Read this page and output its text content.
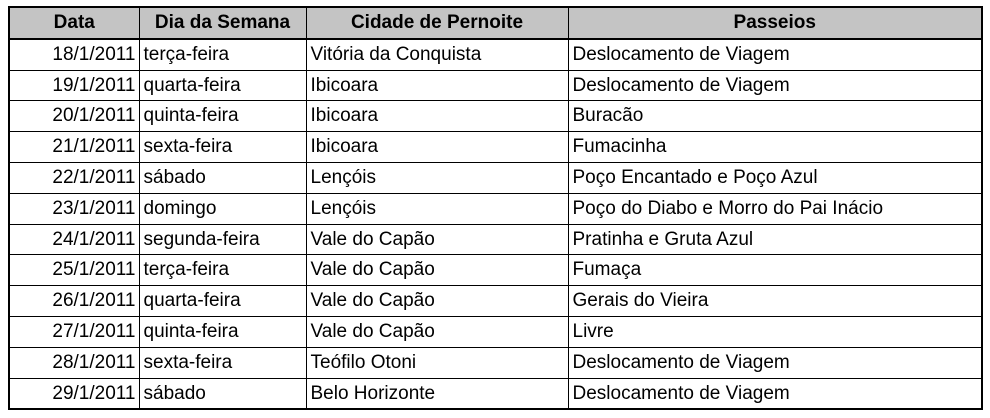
Data	Dia da Semana	Cidade de Pernoite	Passeios
18/1/2011	terça-feira	Vitória da Conquista	Deslocamento de Viagem
19/1/2011	quarta-feira	Ibicoara	Deslocamento de Viagem
20/1/2011	quinta-feira	Ibicoara	Buracão
21/1/2011	sexta-feira	Ibicoara	Fumacinha
22/1/2011	sábado	Lençóis	Poço Encantado e Poço Azul
23/1/2011	domingo	Lençóis	Poço do Diabo e Morro do Pai Inácio
24/1/2011	segunda-feira	Vale do Capão	Pratinha e Gruta Azul
25/1/2011	terça-feira	Vale do Capão	Fumaça
26/1/2011	quarta-feira	Vale do Capão	Gerais do Vieira
27/1/2011	quinta-feira	Vale do Capão	Livre
28/1/2011	sexta-feira	Teófilo Otoni	Deslocamento de Viagem
29/1/2011	sábado	Belo Horizonte	Deslocamento de Viagem
